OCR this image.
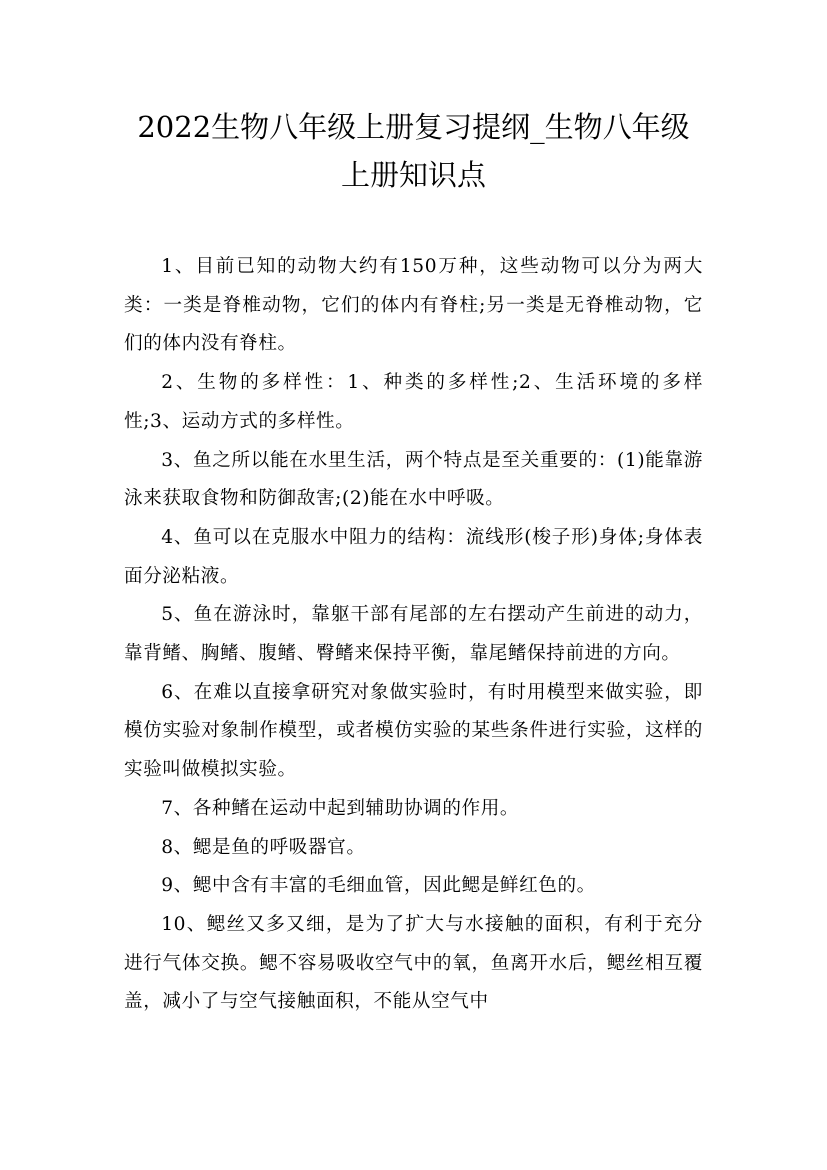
2022生物八年级上册复习提纲_生物八年级
上册知识点

1、目前已知的动物大约有150万种，这些动物可以分为两大类：一类是脊椎动物，它们的体内有脊柱;另一类是无脊椎动物，它们的体内没有脊柱。

2、生物的多样性：1、种类的多样性;2、生活环境的多样性;3、运动方式的多样性。

3、鱼之所以能在水里生活，两个特点是至关重要的：(1)能靠游泳来获取食物和防御敌害;(2)能在水中呼吸。

4、鱼可以在克服水中阻力的结构：流线形(梭子形)身体;身体表面分泌粘液。

5、鱼在游泳时，靠躯干部有尾部的左右摆动产生前进的动力，靠背鳍、胸鳍、腹鳍、臀鳍来保持平衡，靠尾鳍保持前进的方向。

6、在难以直接拿研究对象做实验时，有时用模型来做实验，即模仿实验对象制作模型，或者模仿实验的某些条件进行实验，这样的实验叫做模拟实验。

7、各种鳍在运动中起到辅助协调的作用。

8、鳃是鱼的呼吸器官。

9、鳃中含有丰富的毛细血管，因此鳃是鲜红色的。

10、鳃丝又多又细，是为了扩大与水接触的面积，有利于充分进行气体交换。鳃不容易吸收空气中的氧，鱼离开水后，鳃丝相互覆盖，减小了与空气接触面积，不能从空气中
